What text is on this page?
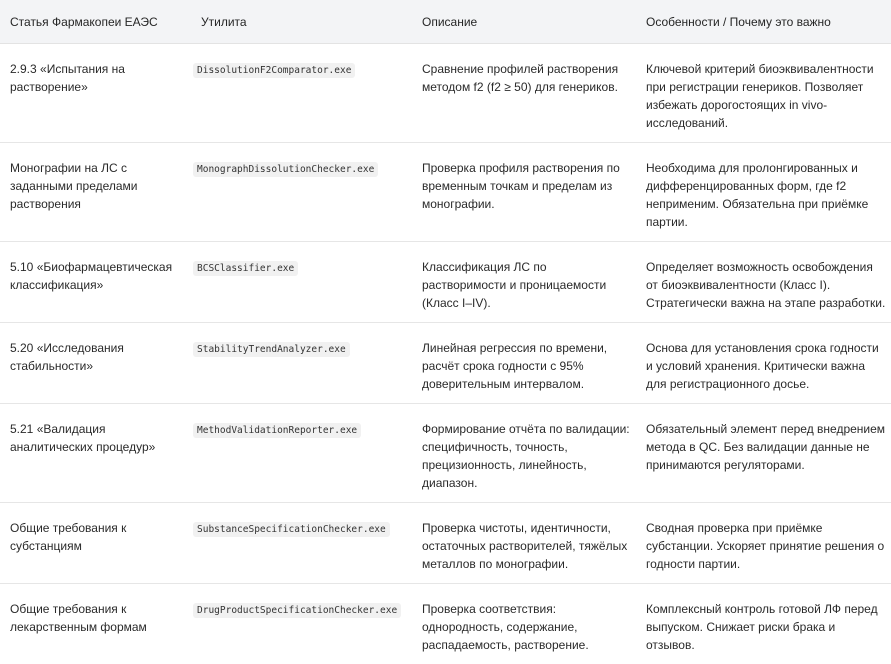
Статья Фармакопеи ЕАЭС	Утилита	Описание	Особенности / Почему это важно
2.9.3 «Испытания на растворение»	DissolutionF2Comparator.exe	Сравнение профилей растворения методом f2 (f2 ≥ 50) для генериков.	Ключевой критерий биоэквивалентности при регистрации генериков. Позволяет избежать дорогостоящих in vivo-исследований.
Монографии на ЛС с заданными пределами растворения	MonographDissolutionChecker.exe	Проверка профиля растворения по временным точкам и пределам из монографии.	Необходима для пролонгированных и дифференцированных форм, где f2 неприменим. Обязательна при приёмке партии.
5.10 «Биофармацевтическая классификация»	BCSClassifier.exe	Классификация ЛС по растворимости и проницаемости (Класс I–IV).	Определяет возможность освобождения от биоэквивалентности (Класс I). Стратегически важна на этапе разработки.
5.20 «Исследования стабильности»	StabilityTrendAnalyzer.exe	Линейная регрессия по времени, расчёт срока годности с 95% доверительным интервалом.	Основа для установления срока годности и условий хранения. Критически важна для регистрационного досье.
5.21 «Валидация аналитических процедур»	MethodValidationReporter.exe	Формирование отчёта по валидации: специфичность, точность, прецизионность, линейность, диапазон.	Обязательный элемент перед внедрением метода в QC. Без валидации данные не принимаются регуляторами.
Общие требования к субстанциям	SubstanceSpecificationChecker.exe	Проверка чистоты, идентичности, остаточных растворителей, тяжёлых металлов по монографии.	Сводная проверка при приёмке субстанции. Ускоряет принятие решения о годности партии.
Общие требования к лекарственным формам	DrugProductSpecificationChecker.exe	Проверка соответствия: однородность, содержание, распадаемость, растворение.	Комплексный контроль готовой ЛФ перед выпуском. Снижает риски брака и отзывов.
